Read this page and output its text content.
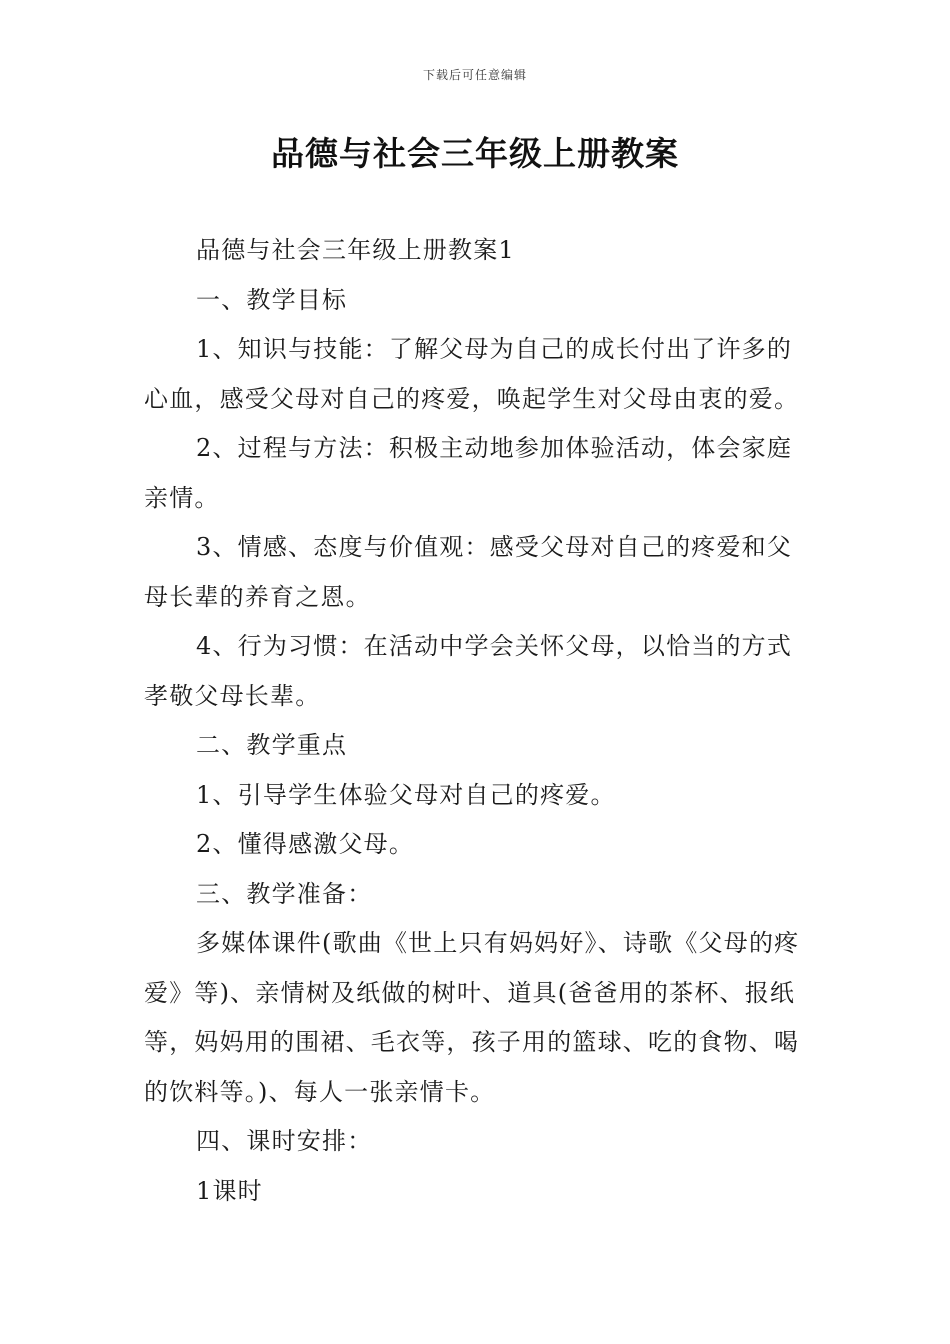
下载后可任意编辑
品德与社会三年级上册教案

品德与社会三年级上册教案1

一、教学目标

1、知识与技能：了解父母为自己的成长付出了许多的心血，感受父母对自己的疼爱，唤起学生对父母由衷的爱。

2、过程与方法：积极主动地参加体验活动，体会家庭亲情。

3、情感、态度与价值观：感受父母对自己的疼爱和父母长辈的养育之恩。

4、行为习惯：在活动中学会关怀父母，以恰当的方式孝敬父母长辈。

二、教学重点

1、引导学生体验父母对自己的疼爱。

2、懂得感激父母。

三、教学准备：

多媒体课件(歌曲《世上只有妈妈好》、诗歌《父母的疼爱》等)、亲情树及纸做的树叶、道具(爸爸用的茶杯、报纸等，妈妈用的围裙、毛衣等，孩子用的篮球、吃的食物、喝的饮料等。)、每人一张亲情卡。

四、课时安排：

1课时
